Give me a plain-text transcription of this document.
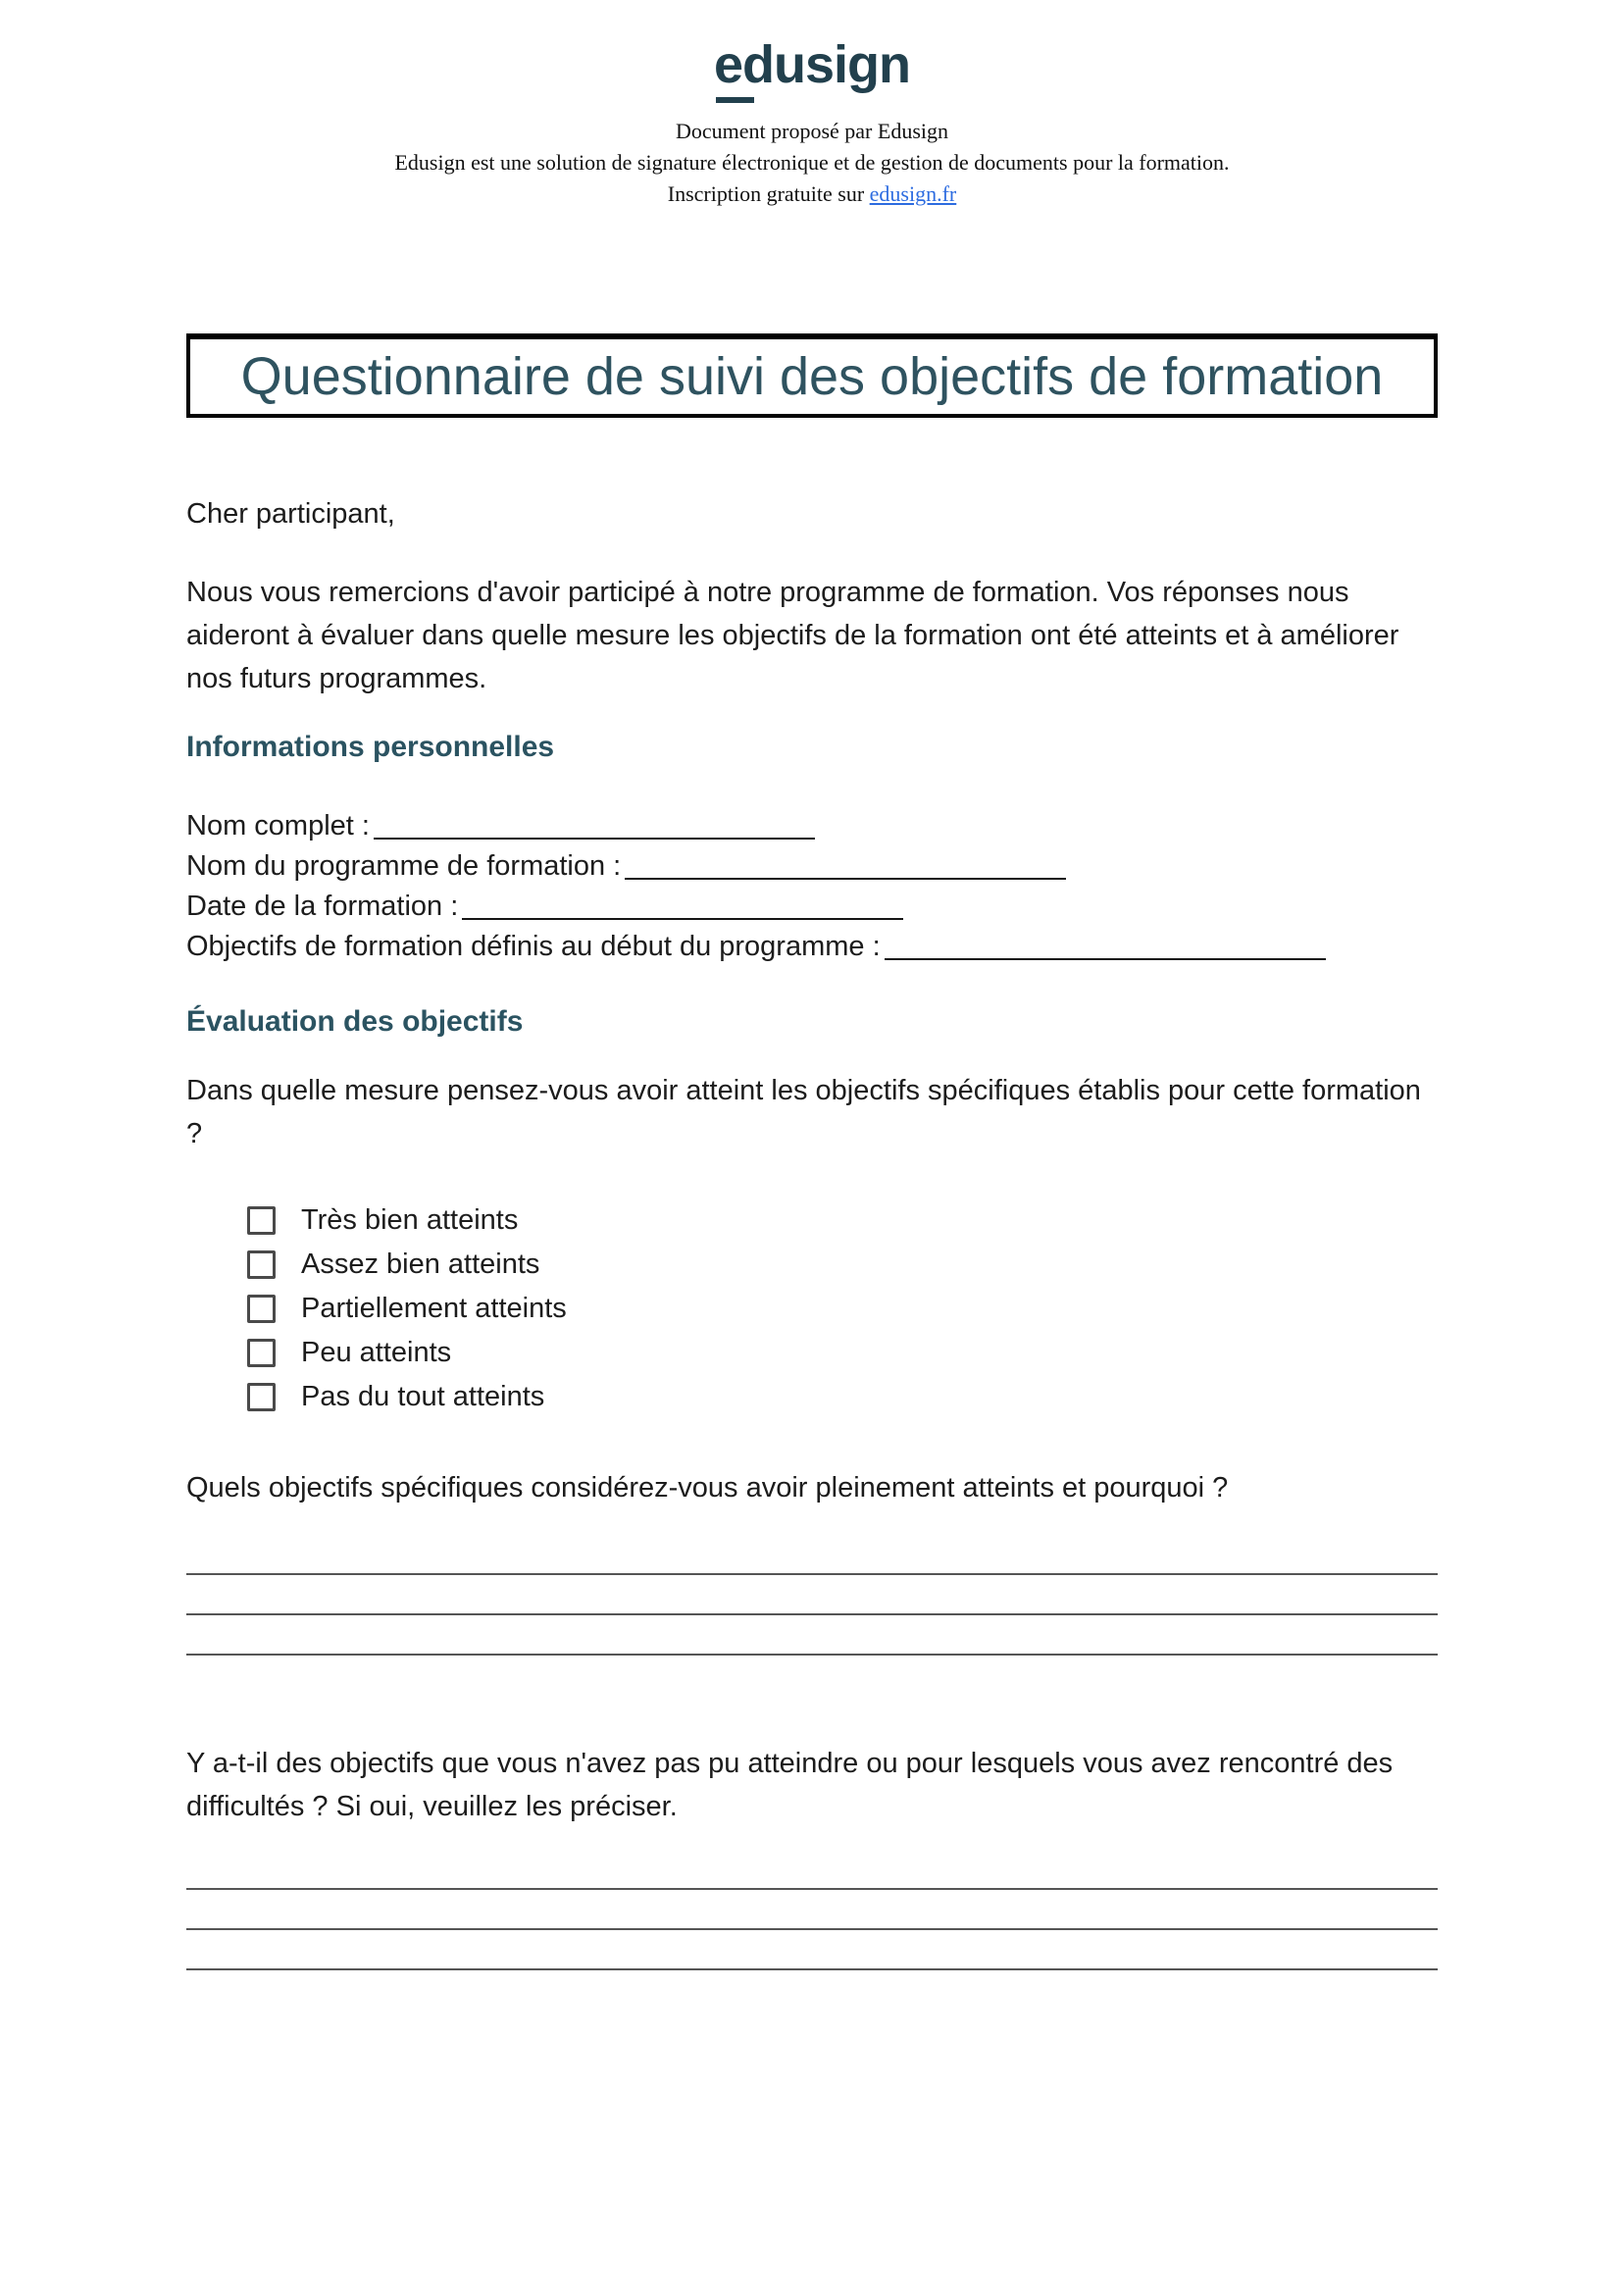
edusign
Document proposé par Edusign
Edusign est une solution de signature électronique et de gestion de documents pour la formation.
Inscription gratuite sur edusign.fr
Questionnaire de suivi des objectifs de formation
Cher participant,
Nous vous remercions d'avoir participé à notre programme de formation. Vos réponses nous aideront à évaluer dans quelle mesure les objectifs de la formation ont été atteints et à améliorer nos futurs programmes.
Informations personnelles
Nom complet :
Nom du programme de formation :
Date de la formation :
Objectifs de formation définis au début du programme :
Évaluation des objectifs
Dans quelle mesure pensez-vous avoir atteint les objectifs spécifiques établis pour cette formation ?
Très bien atteints
Assez bien atteints
Partiellement atteints
Peu atteints
Pas du tout atteints
Quels objectifs spécifiques considérez-vous avoir pleinement atteints et pourquoi ?
Y a-t-il des objectifs que vous n'avez pas pu atteindre ou pour lesquels vous avez rencontré des difficultés ? Si oui, veuillez les préciser.
